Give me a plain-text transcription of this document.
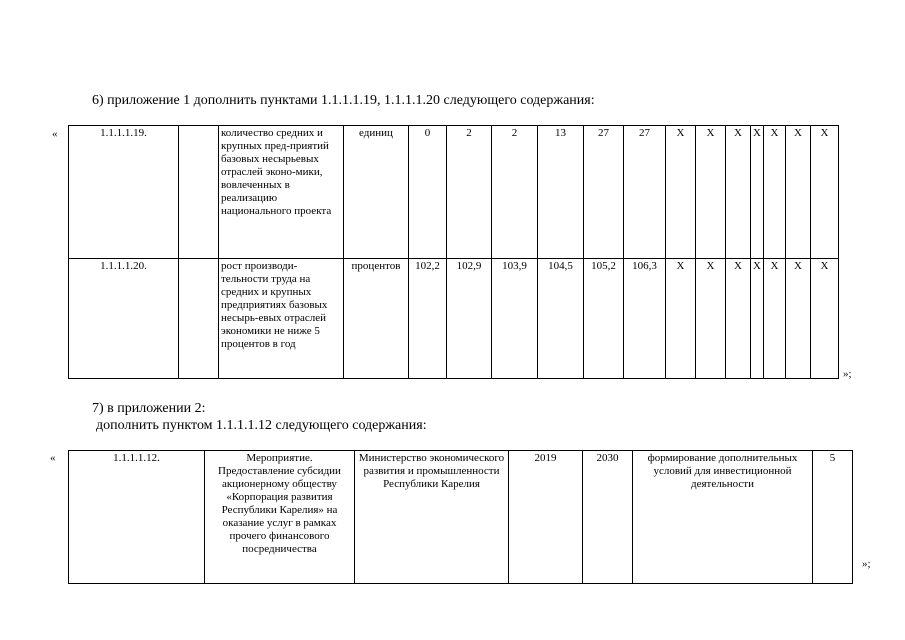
6) приложение 1 дополнить пунктами 1.1.1.1.19, 1.1.1.1.20 следующего содержания:
«	1.1.1.1.19.		количество средних и крупных пред-приятий базовых несырьевых отраслей эконо-мики, вовлеченных в реализацию национального проекта	единиц	0	2	2	13	27	27	X	X	X	X	X	X	X
1.1.1.1.20.		рост производи-тельности труда на средних и крупных предприятиях базовых несырь-евых отраслей экономики не ниже 5 процентов в год	процентов	102,2	102,9	103,9	104,5	105,2	106,3	X	X	X	X	X	X	X
»;
7) в приложении 2:
дополнить пунктом 1.1.1.1.12 следующего содержания:
«	1.1.1.1.12.	Мероприятие. Предоставление субсидии акционерному обществу «Корпорация развития Республики Карелия» на оказание услуг в рамках прочего финансового посредничества	Министерство экономического развития и промышленности Республики Карелия	2019	2030	формирование дополнительных условий для инвестиционной деятельности	5
»;
